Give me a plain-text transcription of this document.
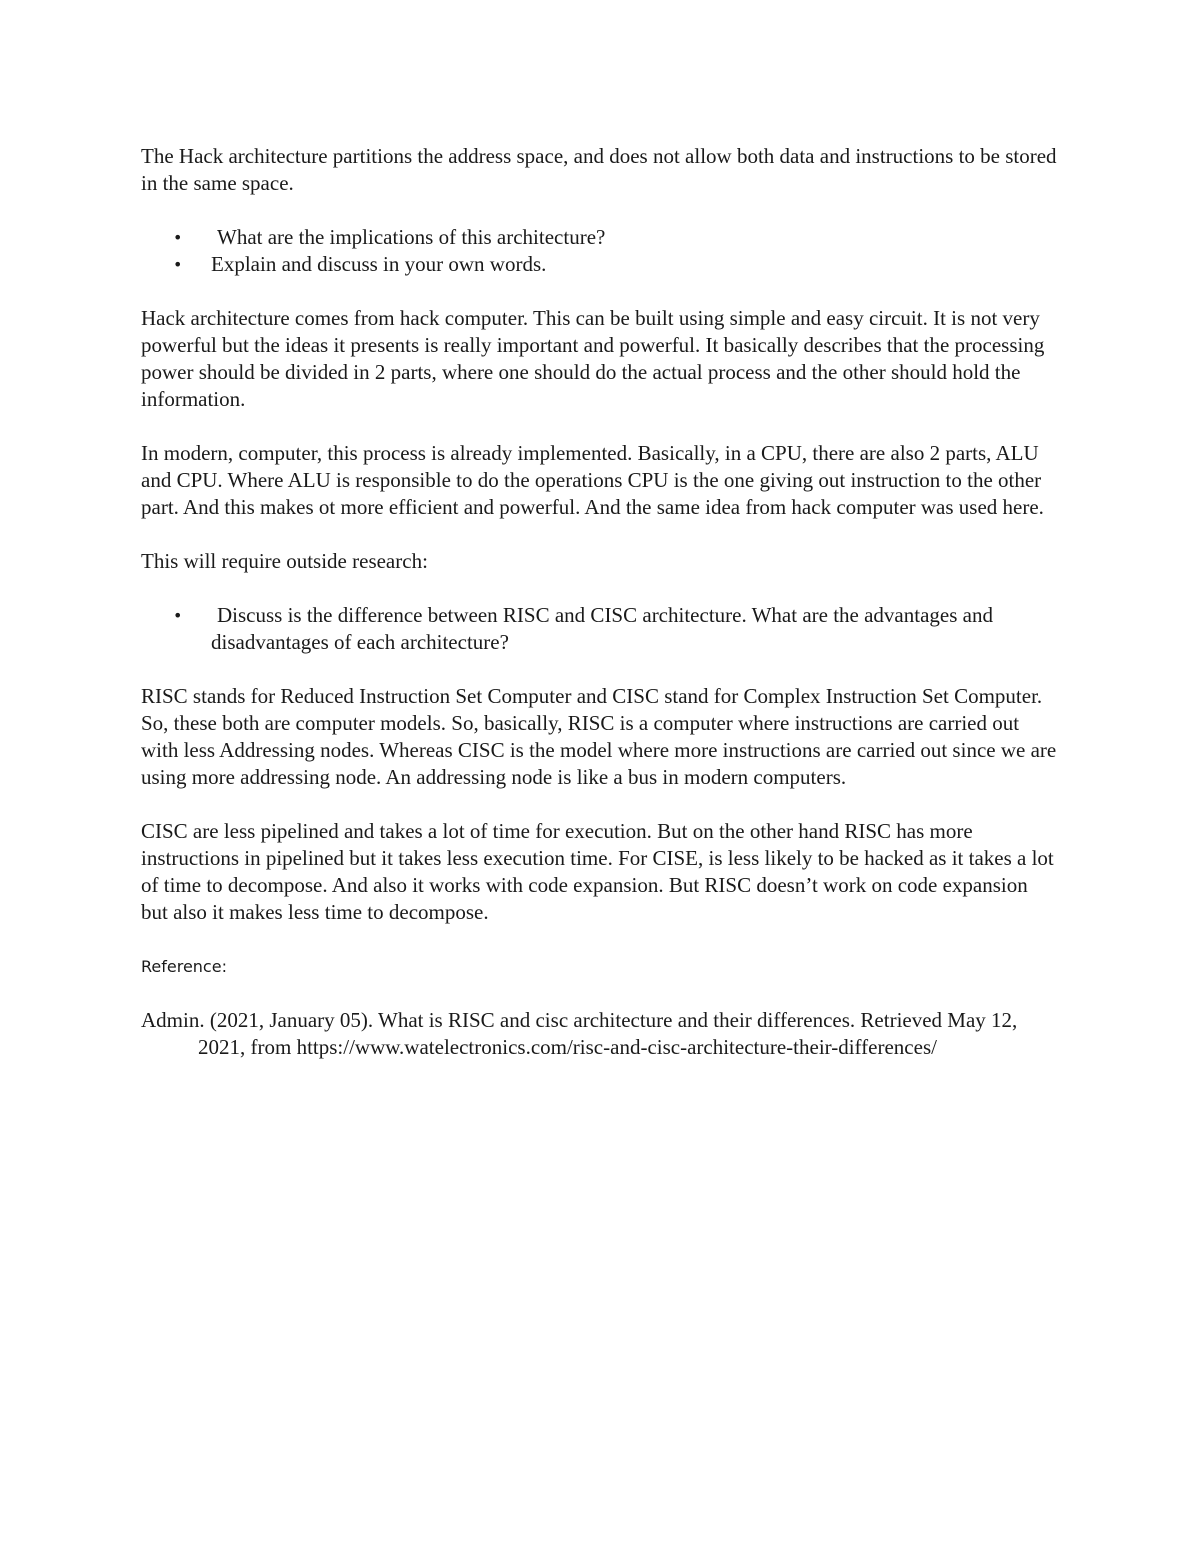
The Hack architecture partitions the address space, and does not allow both data and instructions to be stored in the same space.

• What are the implications of this architecture?
• Explain and discuss in your own words.

Hack architecture comes from hack computer. This can be built using simple and easy circuit. It is not very powerful but the ideas it presents is really important and powerful. It basically describes that the processing power should be divided in 2 parts, where one should do the actual process and the other should hold the information.

In modern, computer, this process is already implemented. Basically, in a CPU, there are also 2 parts, ALU and CPU. Where ALU is responsible to do the operations CPU is the one giving out instruction to the other part. And this makes ot more efficient and powerful. And the same idea from hack computer was used here.

This will require outside research:

• Discuss is the difference between RISC and CISC architecture. What are the advantages and disadvantages of each architecture?

RISC stands for Reduced Instruction Set Computer and CISC stand for Complex Instruction Set Computer. So, these both are computer models. So, basically, RISC is a computer where instructions are carried out with less Addressing nodes. Whereas CISC is the model where more instructions are carried out since we are using more addressing node. An addressing node is like a bus in modern computers.

CISC are less pipelined and takes a lot of time for execution. But on the other hand RISC has more instructions in pipelined but it takes less execution time. For CISE, is less likely to be hacked as it takes a lot of time to decompose. And also it works with code expansion. But RISC doesn’t work on code expansion but also it makes less time to decompose.

Reference:

Admin. (2021, January 05). What is RISC and cisc architecture and their differences. Retrieved May 12, 2021, from https://www.watelectronics.com/risc-and-cisc-architecture-their-differences/
